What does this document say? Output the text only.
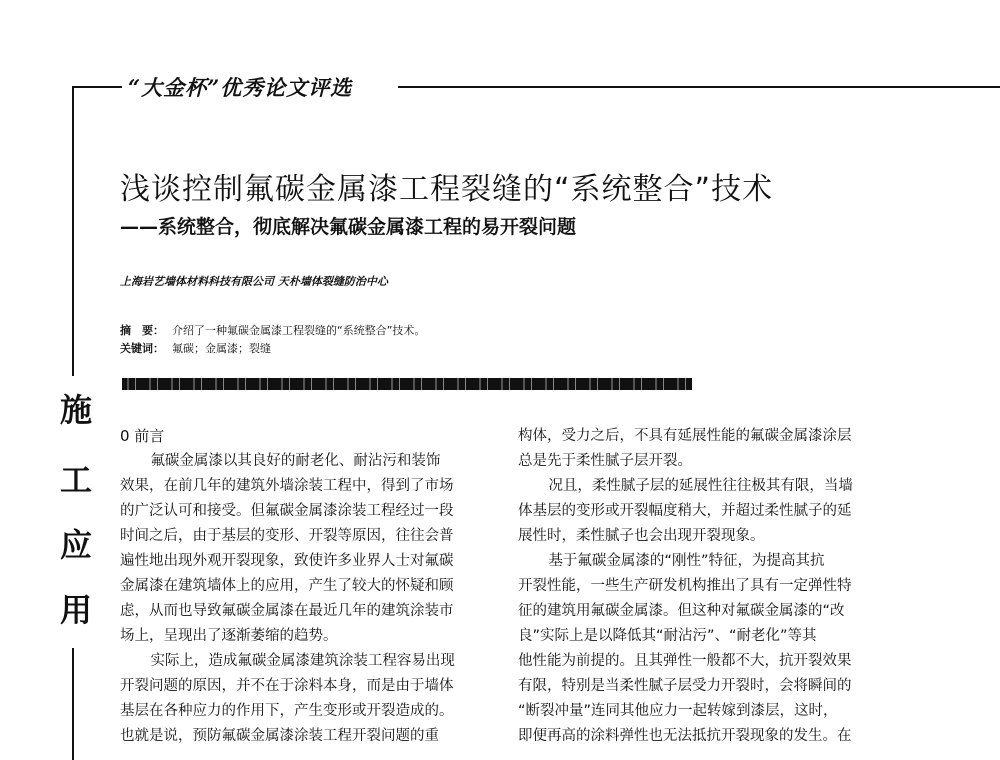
“大金杯”优秀论文评选
浅谈控制氟碳金属漆工程裂缝的“系统整合”技术
——系统整合，彻底解决氟碳金属漆工程的易开裂问题
上海岩艺墙体材料科技有限公司 天朴墙体裂缝防治中心
摘　要： 介绍了一种氟碳金属漆工程裂缝的“系统整合”技术。
关键词： 氟碳；金属漆；裂缝
施
工
应
用

0 前言

氟碳金属漆以其良好的耐老化、耐沾污和装饰

效果，在前几年的建筑外墙涂装工程中，得到了市场

的广泛认可和接受。但氟碳金属漆涂装工程经过一段

时间之后，由于基层的变形、开裂等原因，往往会普

遍性地出现外观开裂现象，致使许多业界人士对氟碳

金属漆在建筑墙体上的应用，产生了较大的怀疑和顾

虑，从而也导致氟碳金属漆在最近几年的建筑涂装市

场上，呈现出了逐渐萎缩的趋势。

实际上，造成氟碳金属漆建筑涂装工程容易出现

开裂问题的原因，并不在于涂料本身，而是由于墙体

基层在各种应力的作用下，产生变形或开裂造成的。

也就是说，预防氟碳金属漆涂装工程开裂问题的重

构体，受力之后，不具有延展性能的氟碳金属漆涂层

总是先于柔性腻子层开裂。

况且，柔性腻子层的延展性往往极其有限，当墙

体基层的变形或开裂幅度稍大，并超过柔性腻子的延

展性时，柔性腻子也会出现开裂现象。

基于氟碳金属漆的“刚性”特征，为提高其抗

开裂性能，一些生产研发机构推出了具有一定弹性特

征的建筑用氟碳金属漆。但这种对氟碳金属漆的“改

良”实际上是以降低其“耐沾污”、“耐老化”等其

他性能为前提的。且其弹性一般都不大，抗开裂效果

有限，特别是当柔性腻子层受力开裂时，会将瞬间的

“断裂冲量”连同其他应力一起转嫁到漆层，这时，

即便再高的涂料弹性也无法抵抗开裂现象的发生。在
